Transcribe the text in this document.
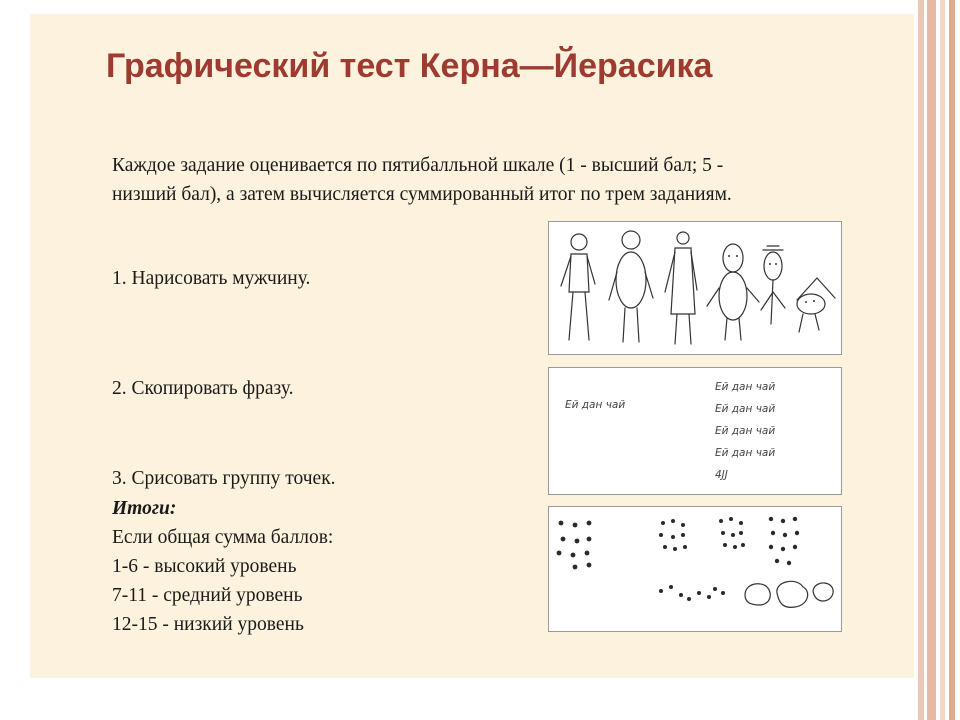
Графический тест Керна—Йерасика

Каждое задание оценивается по пятибалльной шкале (1 - высший бал; 5 - низший бал), а затем вычисляется суммированный итог по трем заданиям.

1. Нарисовать мужчину.

2. Скопировать фразу.

3. Срисовать группу точек.

Итоги:
Если общая сумма баллов:
1-6 - высокий уровень
7-11 - средний уровень
12-15 - низкий уровень
Ей дан чай
Ей дан чай
Ей дан чай
Ей дан чай
Ей дан чай
4ЈЈ
